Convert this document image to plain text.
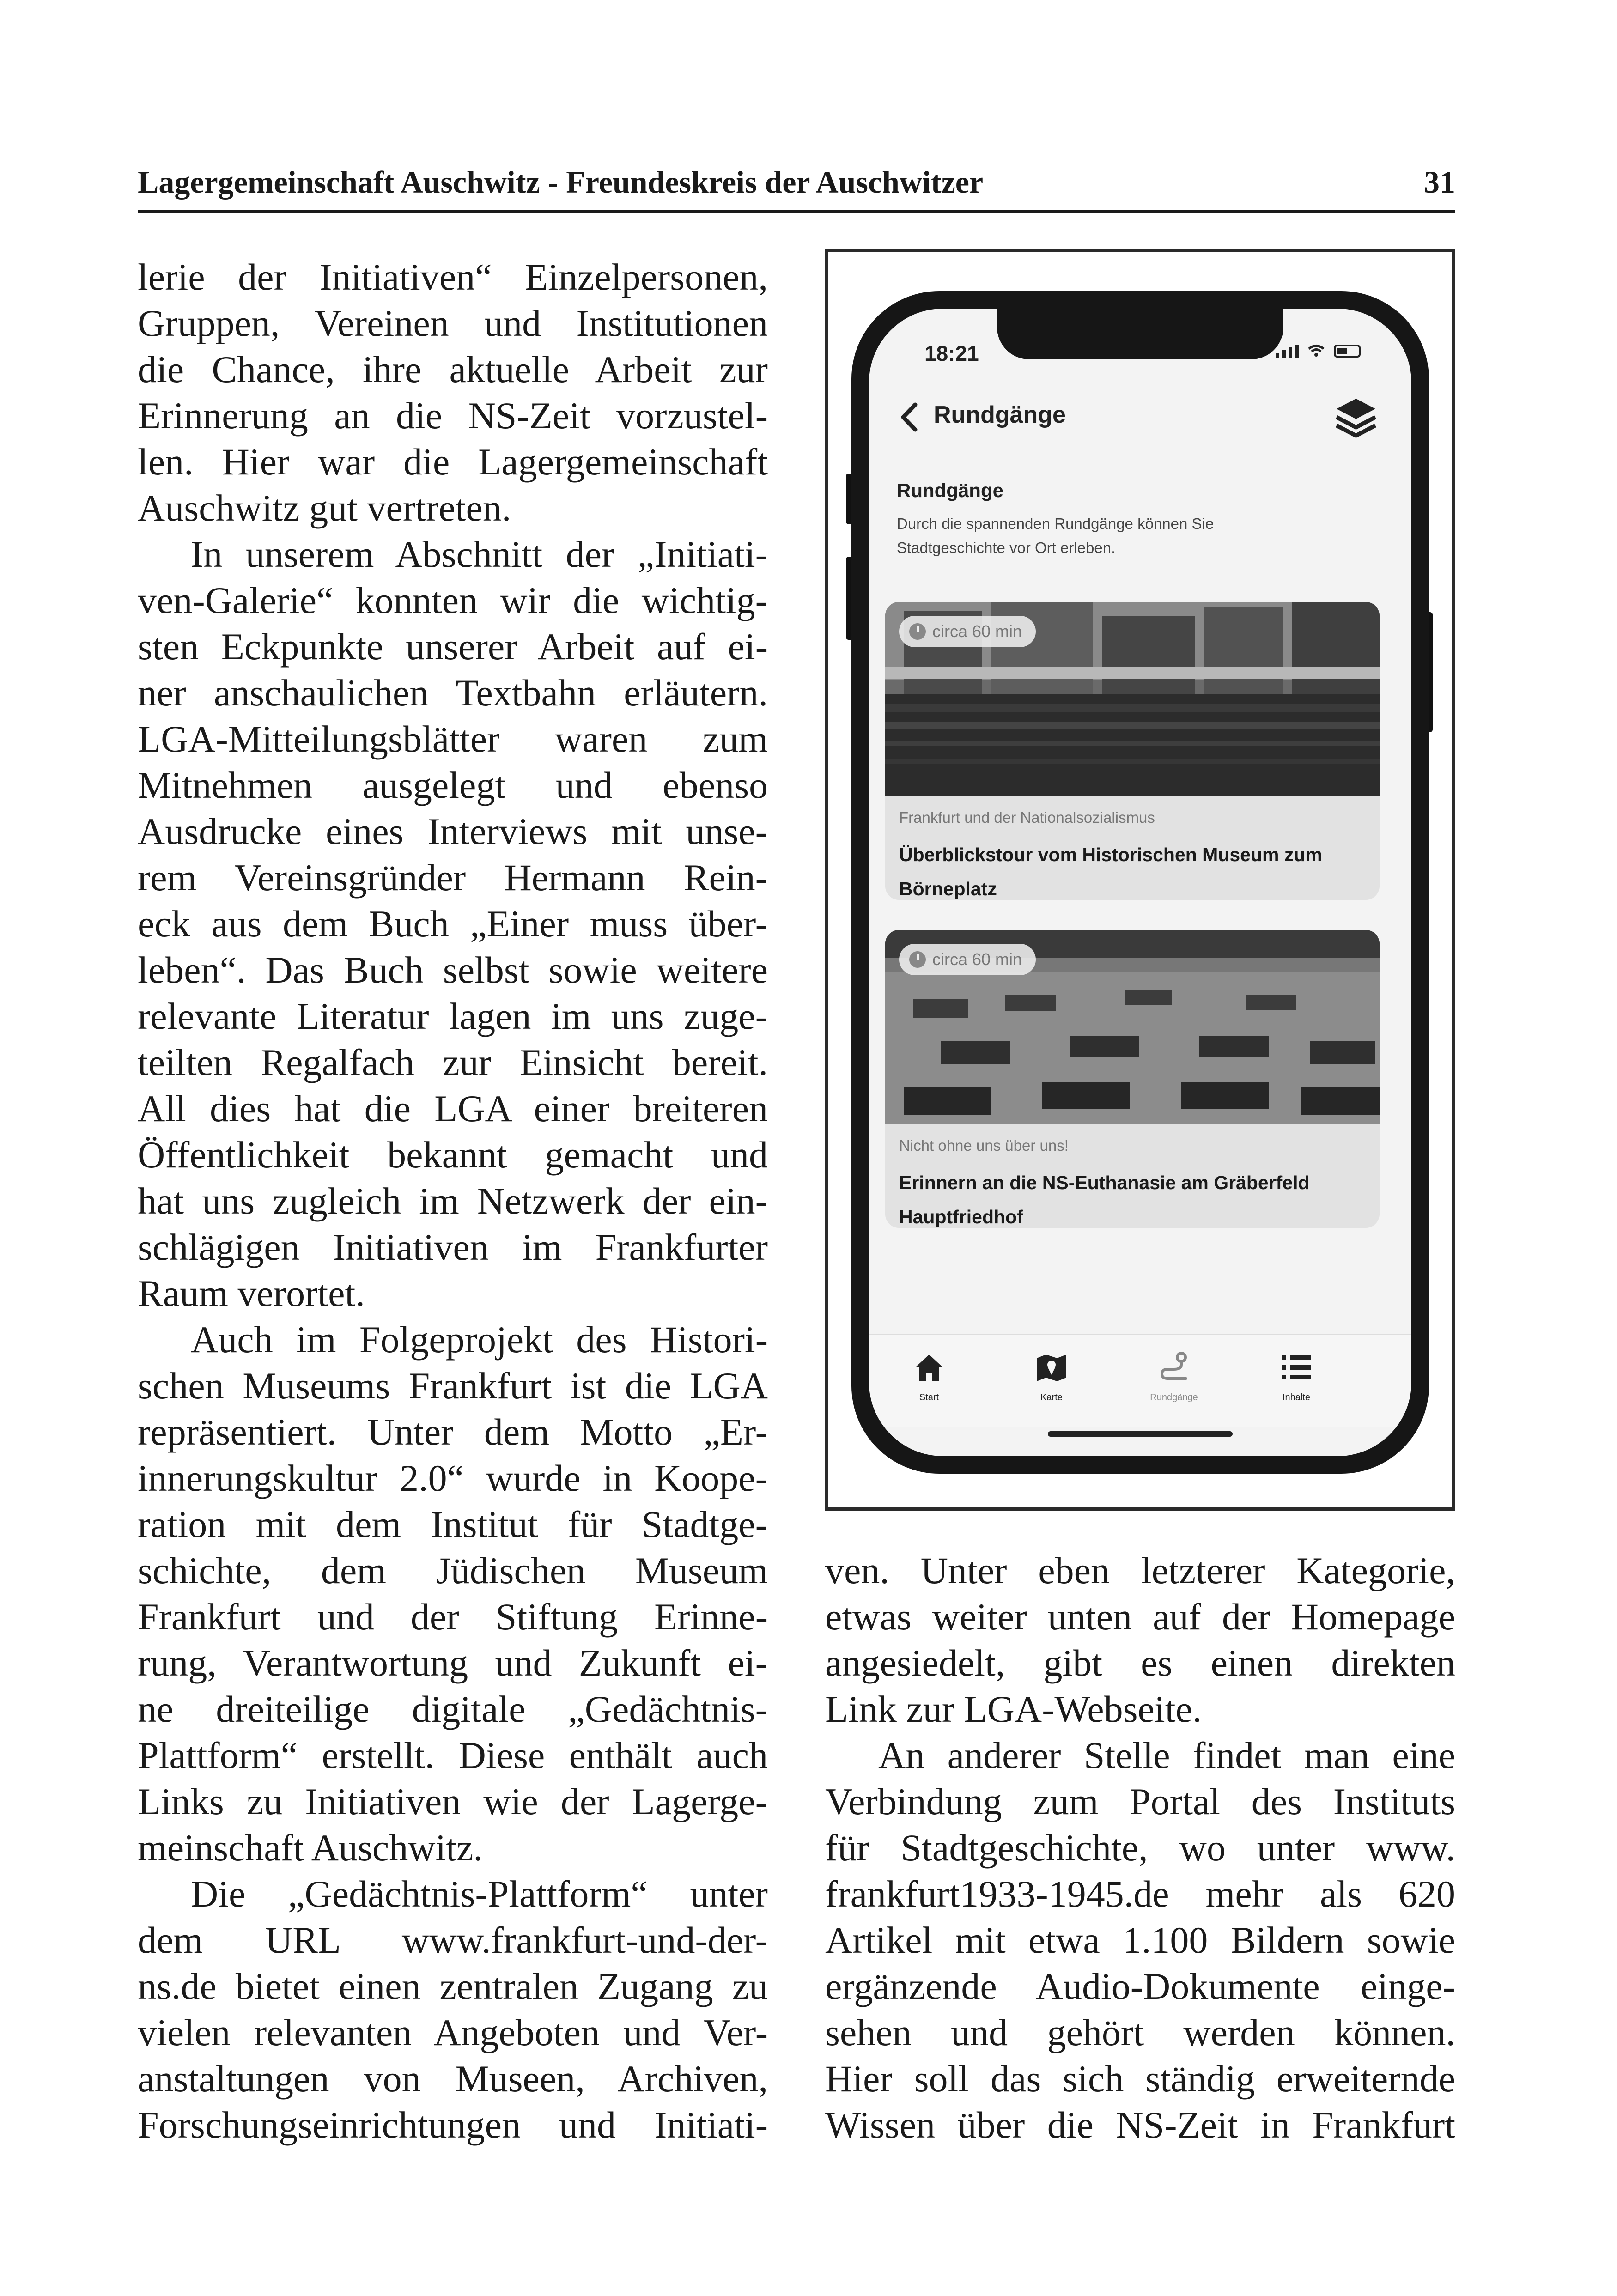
Lagergemeinschaft Auschwitz - Freundeskreis der Auschwitzer	31
lerie der Initiativen“ Einzelpersonen,
Gruppen, Vereinen und Institutionen
die Chance, ihre aktuelle Arbeit zur
Erinnerung an die NS-Zeit vorzustel-
len. Hier war die Lagergemeinschaft
Auschwitz gut vertreten.
In unserem Abschnitt der „Initiati-
ven-Galerie“ konnten wir die wichtig-
sten Eckpunkte unserer Arbeit auf ei-
ner anschaulichen Textbahn erläutern.
LGA-Mitteilungsblätter waren zum
Mitnehmen ausgelegt und ebenso
Ausdrucke eines Interviews mit unse-
rem Vereinsgründer Hermann Rein-
eck aus dem Buch „Einer muss über-
leben“. Das Buch selbst sowie weitere
relevante Literatur lagen im uns zuge-
teilten Regalfach zur Einsicht bereit.
All dies hat die LGA einer breiteren
Öffentlichkeit bekannt gemacht und
hat uns zugleich im Netzwerk der ein-
schlägigen Initiativen im Frankfurter
Raum verortet.
Auch im Folgeprojekt des Histori-
schen Museums Frankfurt ist die LGA
repräsentiert. Unter dem Motto „Er-
innerungskultur 2.0“ wurde in Koope-
ration mit dem Institut für Stadtge-
schichte, dem Jüdischen Museum
Frankfurt und der Stiftung Erinne-
rung, Verantwortung und Zukunft ei-
ne dreiteilige digitale „Gedächtnis-
Plattform“ erstellt. Diese enthält auch
Links zu Initiativen wie der Lagerge-
meinschaft Auschwitz.
Die „Gedächtnis-Plattform“ unter
dem URL www.frankfurt-und-der-
ns.de bietet einen zentralen Zugang zu
vielen relevanten Angeboten und Ver-
anstaltungen von Museen, Archiven,
Forschungseinrichtungen und Initiati-
18:21
Rundgänge
Rundgänge
Durch die spannenden Rundgänge können Sie Stadtgeschichte vor Ort erleben.
circa 60 min
Frankfurt und der Nationalsozialismus
Überblickstour vom Historischen Museum zum Börneplatz
circa 60 min
Nicht ohne uns über uns!
Erinnern an die NS-Euthanasie am Gräberfeld Hauptfriedhof
Start	Karte	Rundgänge	Inhalte
ven. Unter eben letzterer Kategorie,
etwas weiter unten auf der Homepage
angesiedelt, gibt es einen direkten
Link zur LGA-Webseite.
An anderer Stelle findet man eine
Verbindung zum Portal des Instituts
für Stadtgeschichte, wo unter www.
frankfurt1933-1945.de mehr als 620
Artikel mit etwa 1.100 Bildern sowie
ergänzende Audio-Dokumente einge-
sehen und gehört werden können.
Hier soll das sich ständig erweiternde
Wissen über die NS-Zeit in Frankfurt
